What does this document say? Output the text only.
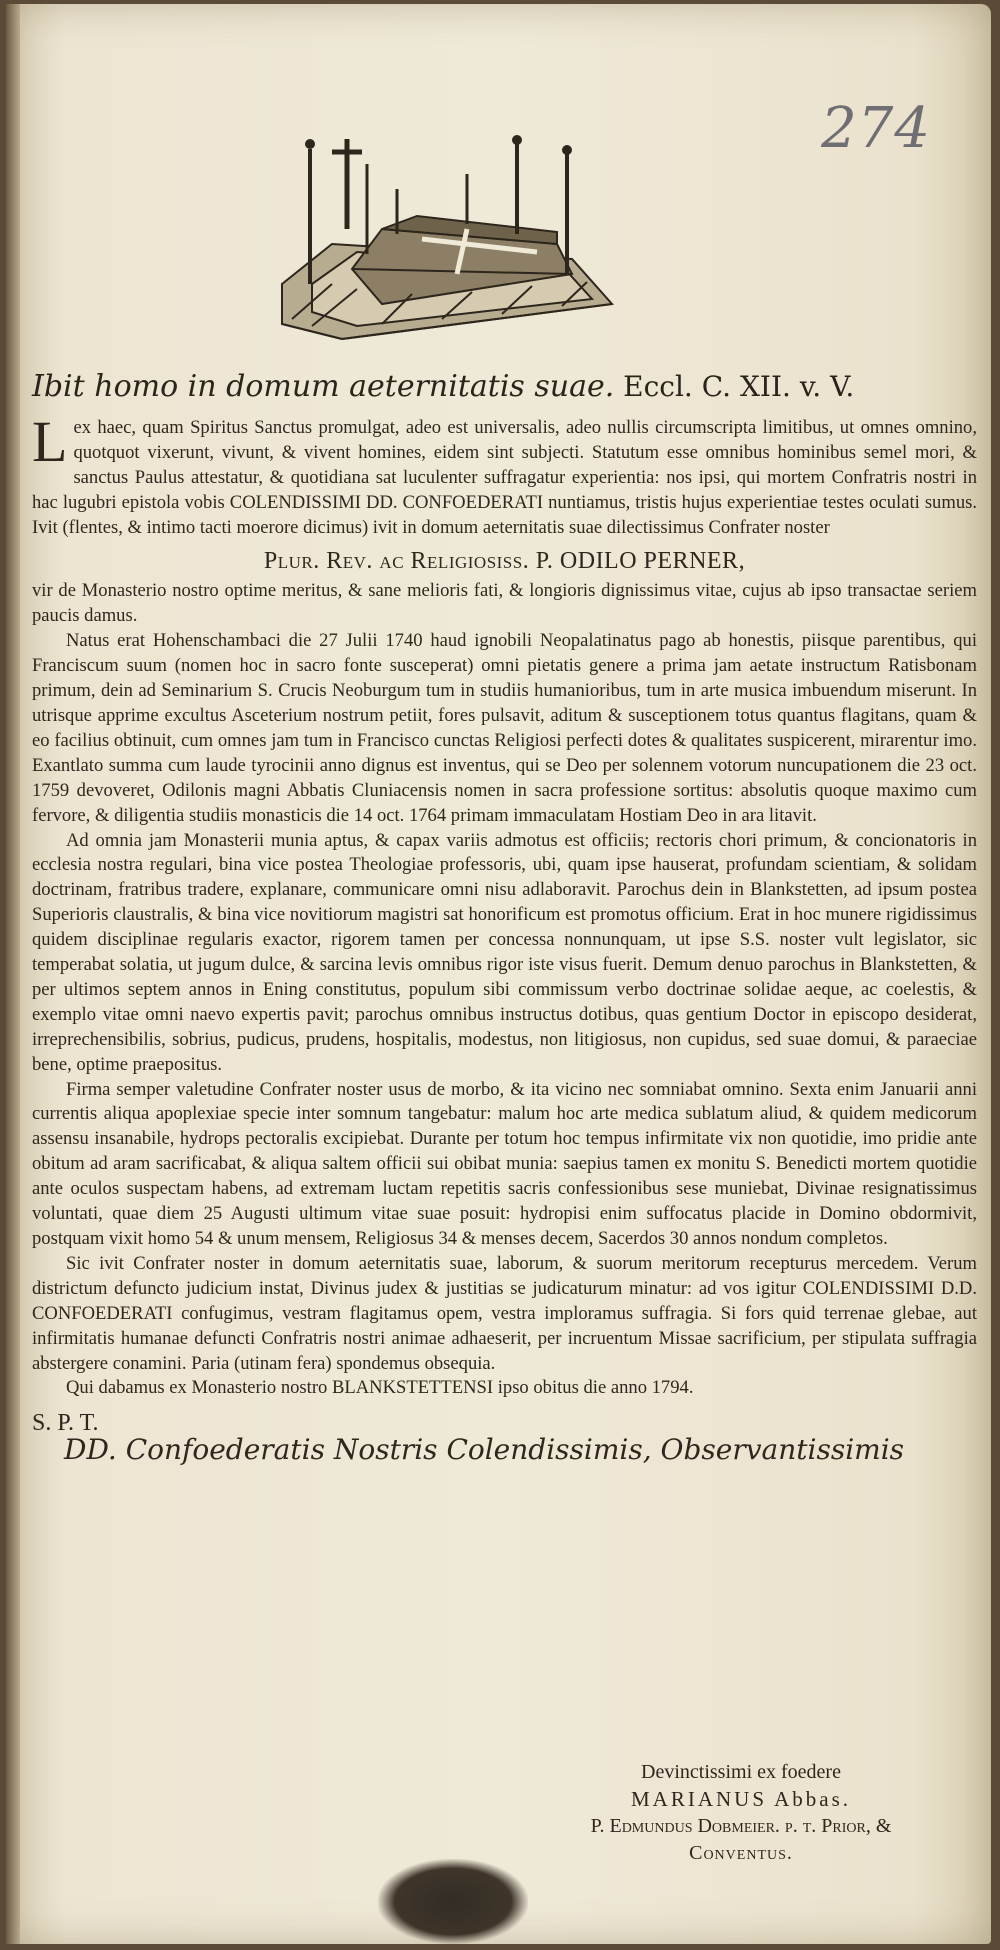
274
Ibit homo in domum aeternitatis suae. Eccl. C. XII. v. V.

Lex haec, quam Spiritus Sanctus promulgat, adeo est universalis, adeo nullis circumscripta limitibus, ut omnes omnino, quotquot vixerunt, vivunt, & vivent homines, eidem sint subjecti. Statutum esse omnibus hominibus semel mori, & sanctus Paulus attestatur, & quotidiana sat luculenter suffragatur experientia: nos ipsi, qui mortem Confratris nostri in hac lugubri epistola vobis COLENDISSIMI DD. CONFOEDERATI nuntiamus, tristis hujus experientiae testes oculati sumus. Ivit (flentes, & intimo tacti moerore dicimus) ivit in domum aeternitatis suae dilectissimus Confrater noster

Plur. Rev. ac Religiosiss. P. ODILO PERNER,

vir de Monasterio nostro optime meritus, & sane melioris fati, & longioris dignissimus vitae, cujus ab ipso transactae seriem paucis damus.

Natus erat Hohenschambaci die 27 Julii 1740 haud ignobili Neopalatinatus pago ab honestis, piisque parentibus, qui Franciscum suum (nomen hoc in sacro fonte susceperat) omni pietatis genere a prima jam aetate instructum Ratisbonam primum, dein ad Seminarium S. Crucis Neoburgum tum in studiis humanioribus, tum in arte musica imbuendum miserunt. In utrisque apprime excultus Asceterium nostrum petiit, fores pulsavit, aditum & susceptionem totus quantus flagitans, quam & eo facilius obtinuit, cum omnes jam tum in Francisco cunctas Religiosi perfecti dotes & qualitates suspicerent, mirarentur imo. Exantlato summa cum laude tyrocinii anno dignus est inventus, qui se Deo per solennem votorum nuncupationem die 23 oct. 1759 devoveret, Odilonis magni Abbatis Cluniacensis nomen in sacra professione sortitus: absolutis quoque maximo cum fervore, & diligentia studiis monasticis die 14 oct. 1764 primam immaculatam Hostiam Deo in ara litavit.

Ad omnia jam Monasterii munia aptus, & capax variis admotus est officiis; rectoris chori primum, & concionatoris in ecclesia nostra regulari, bina vice postea Theologiae professoris, ubi, quam ipse hauserat, profundam scientiam, & solidam doctrinam, fratribus tradere, explanare, communicare omni nisu adlaboravit. Parochus dein in Blankstetten, ad ipsum postea Superioris claustralis, & bina vice novitiorum magistri sat honorificum est promotus officium. Erat in hoc munere rigidissimus quidem disciplinae regularis exactor, rigorem tamen per concessa nonnunquam, ut ipse S.S. noster vult legislator, sic temperabat solatia, ut jugum dulce, & sarcina levis omnibus rigor iste visus fuerit. Demum denuo parochus in Blankstetten, & per ultimos septem annos in Ening constitutus, populum sibi commissum verbo doctrinae solidae aeque, ac coelestis, & exemplo vitae omni naevo expertis pavit; parochus omnibus instructus dotibus, quas gentium Doctor in episcopo desiderat, irreprechensibilis, sobrius, pudicus, prudens, hospitalis, modestus, non litigiosus, non cupidus, sed suae domui, & paraeciae bene, optime praepositus.

Firma semper valetudine Confrater noster usus de morbo, & ita vicino nec somniabat omnino. Sexta enim Januarii anni currentis aliqua apoplexiae specie inter somnum tangebatur: malum hoc arte medica sublatum aliud, & quidem medicorum assensu insanabile, hydrops pectoralis excipiebat. Durante per totum hoc tempus infirmitate vix non quotidie, imo pridie ante obitum ad aram sacrificabat, & aliqua saltem officii sui obibat munia: saepius tamen ex monitu S. Benedicti mortem quotidie ante oculos suspectam habens, ad extremam luctam repetitis sacris confessionibus sese muniebat, Divinae resignatissimus voluntati, quae diem 25 Augusti ultimum vitae suae posuit: hydropisi enim suffocatus placide in Domino obdormivit, postquam vixit homo 54 & unum mensem, Religiosus 34 & menses decem, Sacerdos 30 annos nondum completos.

Sic ivit Confrater noster in domum aeternitatis suae, laborum, & suorum meritorum recepturus mercedem. Verum districtum defuncto judicium instat, Divinus judex & justitias se judicaturum minatur: ad vos igitur COLENDISSIMI D.D. CONFOEDERATI confugimus, vestram flagitamus opem, vestra imploramus suffragia. Si fors quid terrenae glebae, aut infirmitatis humanae defuncti Confratris nostri animae adhaeserit, per incruentum Missae sacrificium, per stipulata suffragia abstergere conamini. Paria (utinam fera) spondemus obsequia.

Qui dabamus ex Monasterio nostro BLANKSTETTENSI ipso obitus die anno 1794.

S. P. T.

DD. Confoederatis Nostris Colendissimis, Observantissimis

Devinctissimi ex foedere
MARIANUS Abbas.
P. Edmundus Dobmeier. p. t. Prior, &
Conventus.
